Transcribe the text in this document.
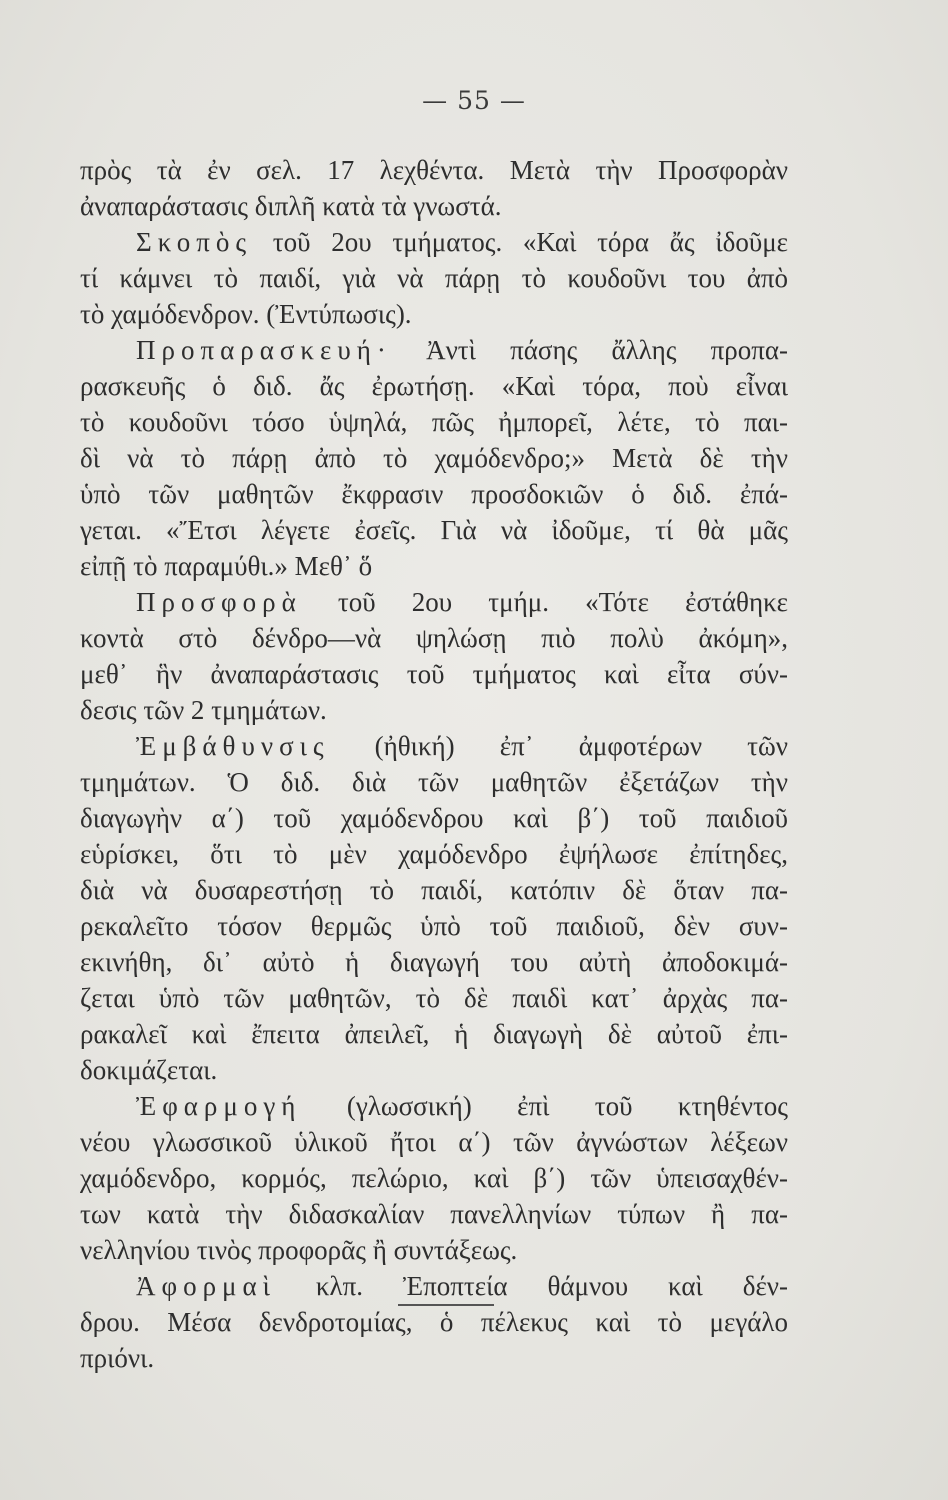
— 55 —
πρὸς τὰ ἐν σελ. 17 λεχθέντα. Μετὰ τὴν Προσφορὰν
ἀναπαράστασις διπλῆ κατὰ τὰ γνωστά.
Σκοπὸς τοῦ 2ου τμήματος. «Καὶ τόρα ἄς ἰδοῦμε
τί κάμνει τὸ παιδί, γιὰ νὰ πάρῃ τὸ κουδοῦνι του ἀπὸ
τὸ χαμόδενδρον. (Ἐντύπωσις).
Προπαρασκευή· Ἀντὶ πάσης ἄλλης προπα-
ρασκευῆς ὁ διδ. ἄς ἐρωτήσῃ. «Καὶ τόρα, ποὺ εἶναι
τὸ κουδοῦνι τόσο ὑψηλά, πῶς ἠμπορεῖ, λέτε, τὸ παι-
δὶ νὰ τὸ πάρῃ ἀπὸ τὸ χαμόδενδρο;» Μετὰ δὲ τὴν
ὑπὸ τῶν μαθητῶν ἔκφρασιν προσδοκιῶν ὁ διδ. ἐπά-
γεται. «Ἔτσι λέγετε ἐσεῖς. Γιὰ νὰ ἰδοῦμε, τί θὰ μᾶς
εἰπῇ τὸ παραμύθι.» Μεθ᾽ ὅ
Προσφορὰ τοῦ 2ου τμήμ. «Τότε ἐστάθηκε
κοντὰ στὸ δένδρο—νὰ ψηλώσῃ πιὸ πολὺ ἀκόμη»,
μεθ᾽ ἣν ἀναπαράστασις τοῦ τμήματος καὶ εἶτα σύν-
δεσις τῶν 2 τμημάτων.
Ἐμβάθυνσις (ἠθική) ἐπ᾽ ἀμφοτέρων τῶν
τμημάτων. Ὁ διδ. διὰ τῶν μαθητῶν ἐξετάζων τὴν
διαγωγὴν α΄) τοῦ χαμόδενδρου καὶ β΄) τοῦ παιδιοῦ
εὑρίσκει, ὅτι τὸ μὲν χαμόδενδρο ἐψήλωσε ἐπίτηδες,
διὰ νὰ δυσαρεστήσῃ τὸ παιδί, κατόπιν δὲ ὅταν πα-
ρεκαλεῖτο τόσον θερμῶς ὑπὸ τοῦ παιδιοῦ, δὲν συν-
εκινήθη, δι᾽ αὐτὸ ἡ διαγωγή του αὐτὴ ἀποδοκιμά-
ζεται ὑπὸ τῶν μαθητῶν, τὸ δὲ παιδὶ κατ᾽ ἀρχὰς πα-
ρακαλεῖ καὶ ἔπειτα ἀπειλεῖ, ἡ διαγωγὴ δὲ αὐτοῦ ἐπι-
δοκιμάζεται.
Ἐφαρμογή (γλωσσική) ἐπὶ τοῦ κτηθέντος
νέου γλωσσικοῦ ὑλικοῦ ἤτοι α΄) τῶν ἀγνώστων λέξεων
χαμόδενδρο, κορμός, πελώριο, καὶ β΄) τῶν ὑπεισαχθέν-
των κατὰ τὴν διδασκαλίαν πανελληνίων τύπων ἢ πα-
νελληνίου τινὸς προφορᾶς ἢ συντάξεως.
Ἀφορμαὶ κλπ. Ἐποπτεία θάμνου καὶ δέν-
δρου. Μέσα δενδροτομίας, ὁ πέλεκυς καὶ τὸ μεγάλο
πριόνι.
